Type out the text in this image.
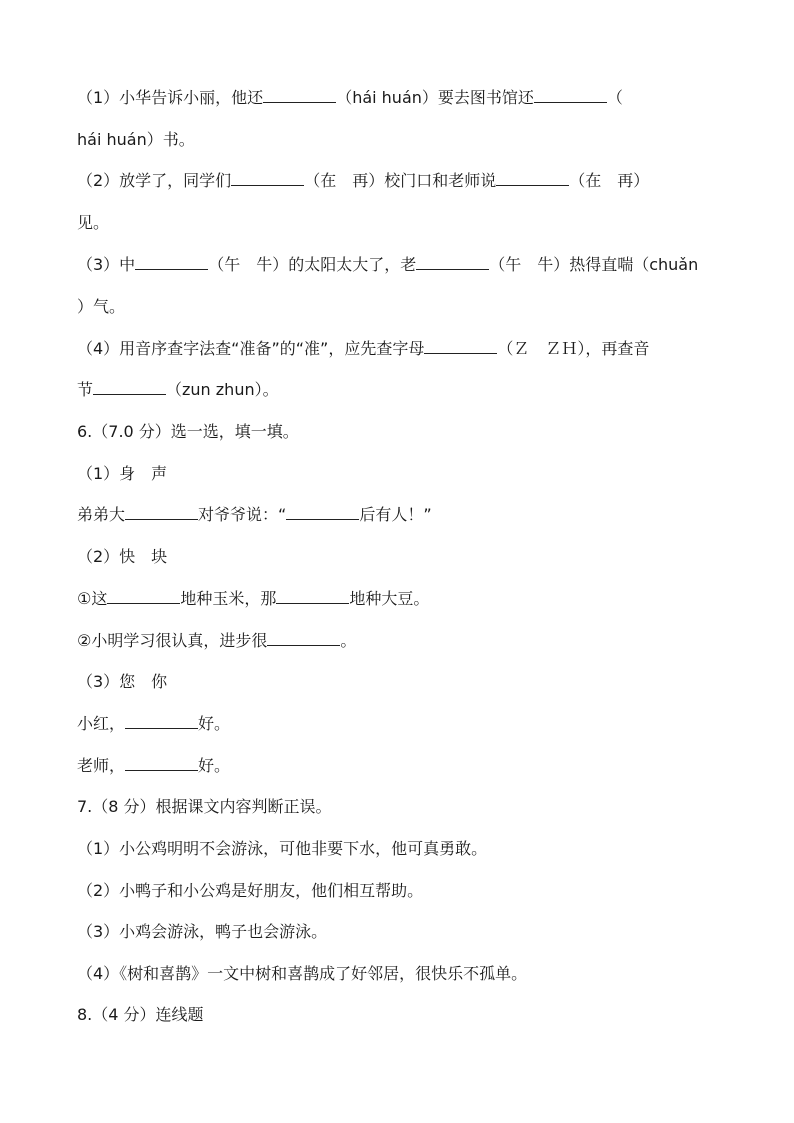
（1）小华告诉小丽，他还	（hái huán）要去图书馆还	（
hái huán）书。
（2）放学了，同学们	（在　再）校门口和老师说	（在　再）
见。
（3）中	（午　牛）的太阳太大了，老	（午　牛）热得直喘（chuǎn
）气。
（4）用音序查字法查“准备”的“准”，应先查字母	（Ｚ　ＺＨ），再查音
节	（zun zhun）。
6.（7.0 分）选一选，填一填。
（1）身　声
弟弟大	对爷爷说：“	后有人！”
（2）快　块
①这	地种玉米，那	地种大豆。
②小明学习很认真，进步很	。
（3）您　你
小红，	好。
老师，	好。
7.（8 分）根据课文内容判断正误。
（1）小公鸡明明不会游泳，可他非要下水，他可真勇敢。
（2）小鸭子和小公鸡是好朋友，他们相互帮助。
（3）小鸡会游泳，鸭子也会游泳。
（4）《树和喜鹊》一文中树和喜鹊成了好邻居，很快乐不孤单。
8.（4 分）连线题
